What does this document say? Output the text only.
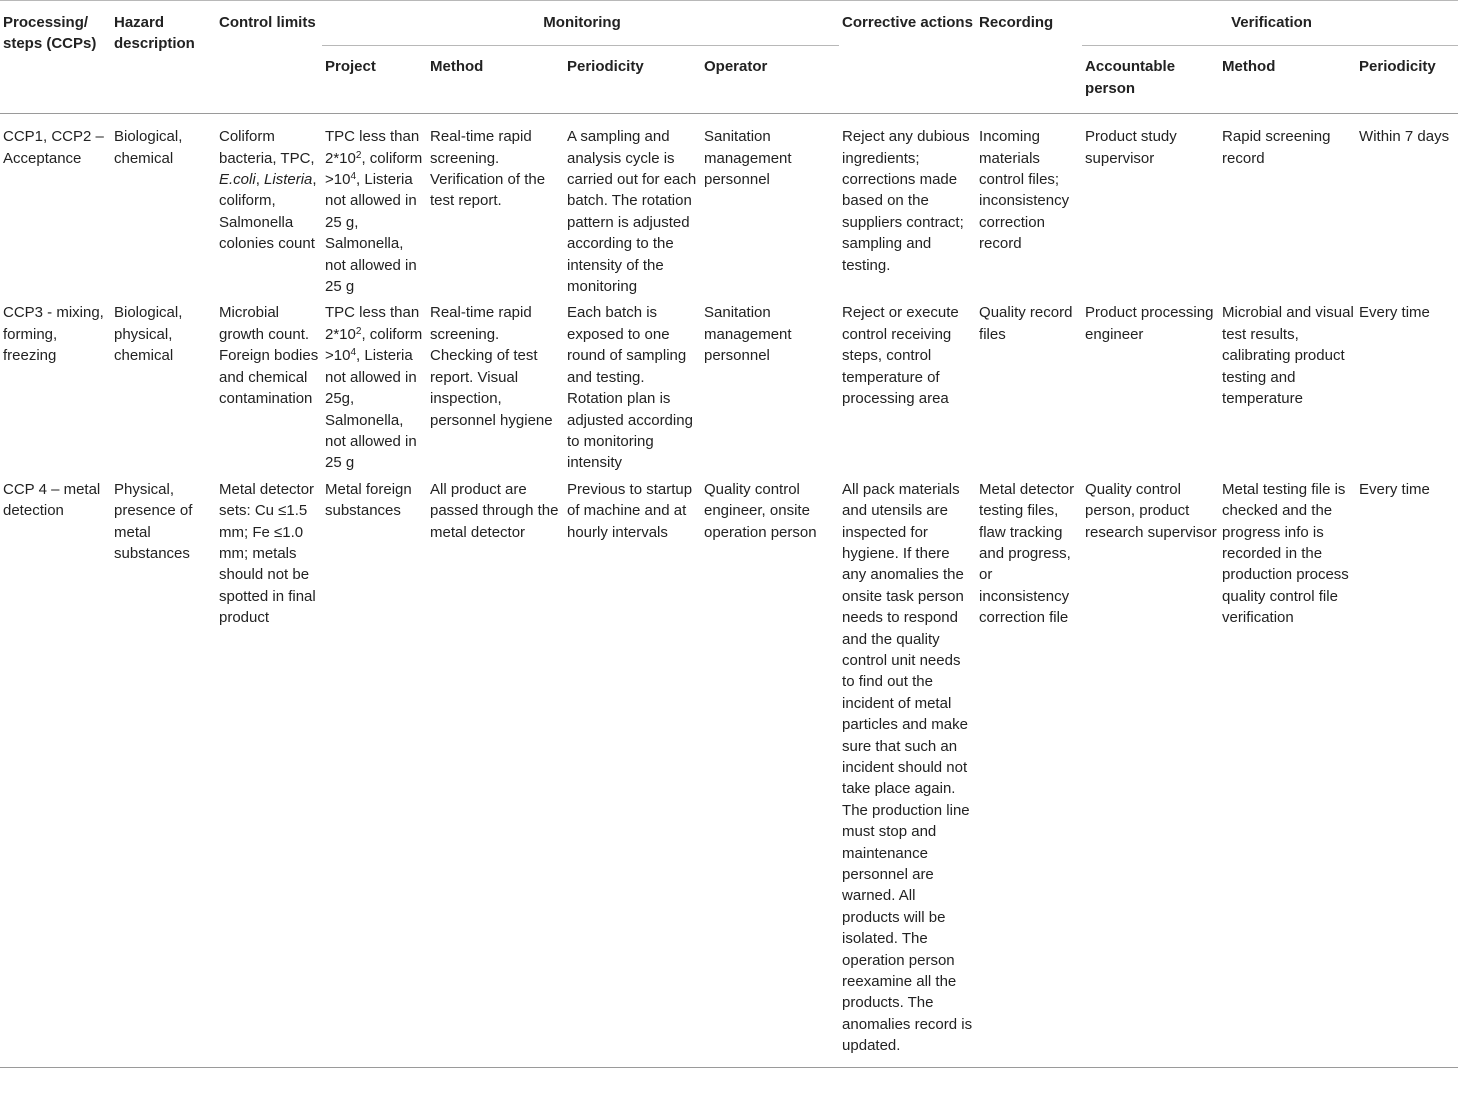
Processing/ steps (CCPs)	Hazard description	Control limits	Monitoring				Corrective actions	Recording	Verification		
			Project	Method	Periodicity	Operator			Accountable person	Method	Periodicity
CCP1, CCP2 – Acceptance	Biological, chemical	Coliform bacteria, TPC, E.coli, Listeria, coliform, Salmonella colonies count	TPC less than $2*10^2$, coliform $>10^4$, Listeria not allowed in 25 g, Salmonella, not allowed in 25 g	Real-time rapid screening. Verification of the test report.	A sampling and analysis cycle is carried out for each batch. The rotation pattern is adjusted according to the intensity of the monitoring	Sanitation management personnel	Reject any dubious ingredients; corrections made based on the suppliers contract; sampling and testing.	Incoming materials control files; inconsistency correction record	Product study supervisor	Rapid screening record	Within 7 days
CCP3 - mixing, forming, freezing	Biological, physical, chemical	Microbial growth count. Foreign bodies and chemical contamination	TPC less than $2*10^2$, coliform $>10^4$, Listeria not allowed in 25g, Salmonella, not allowed in 25 g	Real-time rapid screening. Checking of test report. Visual inspection, personnel hygiene	Each batch is exposed to one round of sampling and testing. Rotation plan is adjusted according to monitoring intensity	Sanitation management personnel	Reject or execute control receiving steps, control temperature of processing area	Quality record files	Product processing engineer	Microbial and visual test results, calibrating product testing and temperature	Every time
CCP 4 – metal detection	Physical, presence of metal substances	Metal detector sets: Cu ≤1.5 mm; Fe ≤1.0 mm; metals should not be spotted in final product	Metal foreign substances	All product are passed through the metal detector	Previous to startup of machine and at hourly intervals	Quality control engineer, onsite operation person	All pack materials and utensils are inspected for hygiene. If there any anomalies the onsite task person needs to respond and the quality control unit needs to find out the incident of metal particles and make sure that such an incident should not take place again. The production line must stop and maintenance personnel are warned. All products will be isolated. The operation person reexamine all the products. The anomalies record is updated.	Metal detector testing files, flaw tracking and progress, or inconsistency correction file	Quality control person, product research supervisor	Metal testing file is checked and the progress info is recorded in the production process quality control file verification	Every time
